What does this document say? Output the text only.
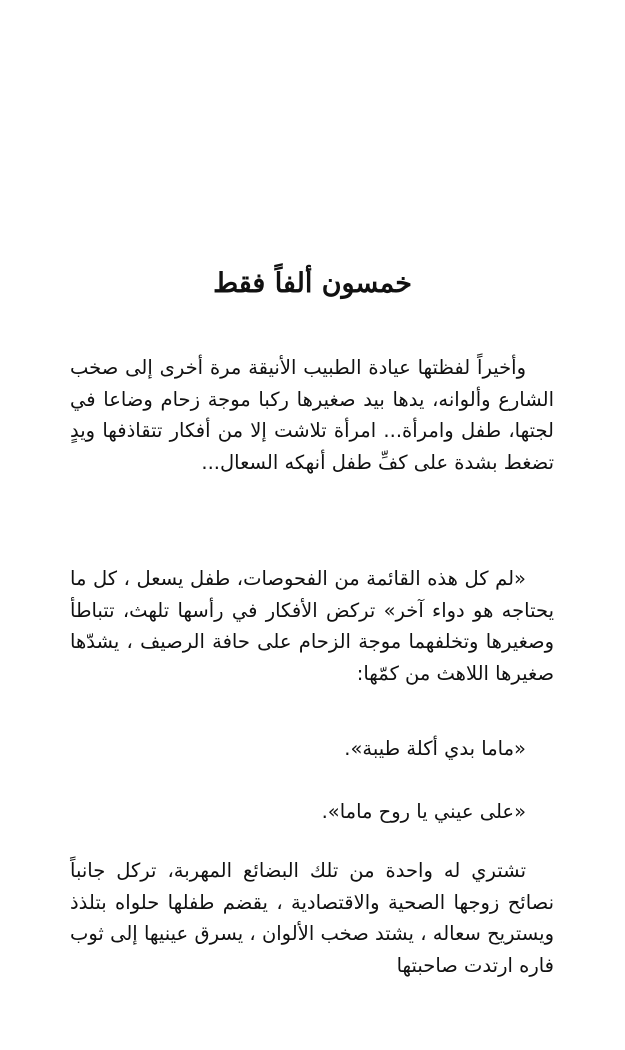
خمسون ألفاً فقط

وأخيراً لفظتها عيادة الطبيب الأنيقة مرة أخرى إلى صخب الشارع وألوانه، يدها بيد صغيرها ركبا موجة زحام وضاعا في لجتها، طفل وامرأة... امرأة تلاشت إلا من أفكار تتقاذفها ويدٍ تضغط بشدة على كفِّ طفل أنهكه السعال...

«لم كل هذه القائمة من الفحوصات، طفل يسعل ، كل ما يحتاجه هو دواء آخر» تركض الأفكار في رأسها تلهث، تتباطأ وصغيرها وتخلفهما موجة الزحام على حافة الرصيف ، يشدّها صغيرها اللاهث من كمّها:

«ماما بدي أكلة طيبة».

«على عيني يا روح ماما».

تشتري له واحدة من تلك البضائع المهربة، تركل جانباً نصائح زوجها الصحية والاقتصادية ، يقضم طفلها حلواه بتلذذ ويستريح سعاله ، يشتد صخب الألوان ، يسرق عينيها إلى ثوب فاره ارتدت صاحبتها
